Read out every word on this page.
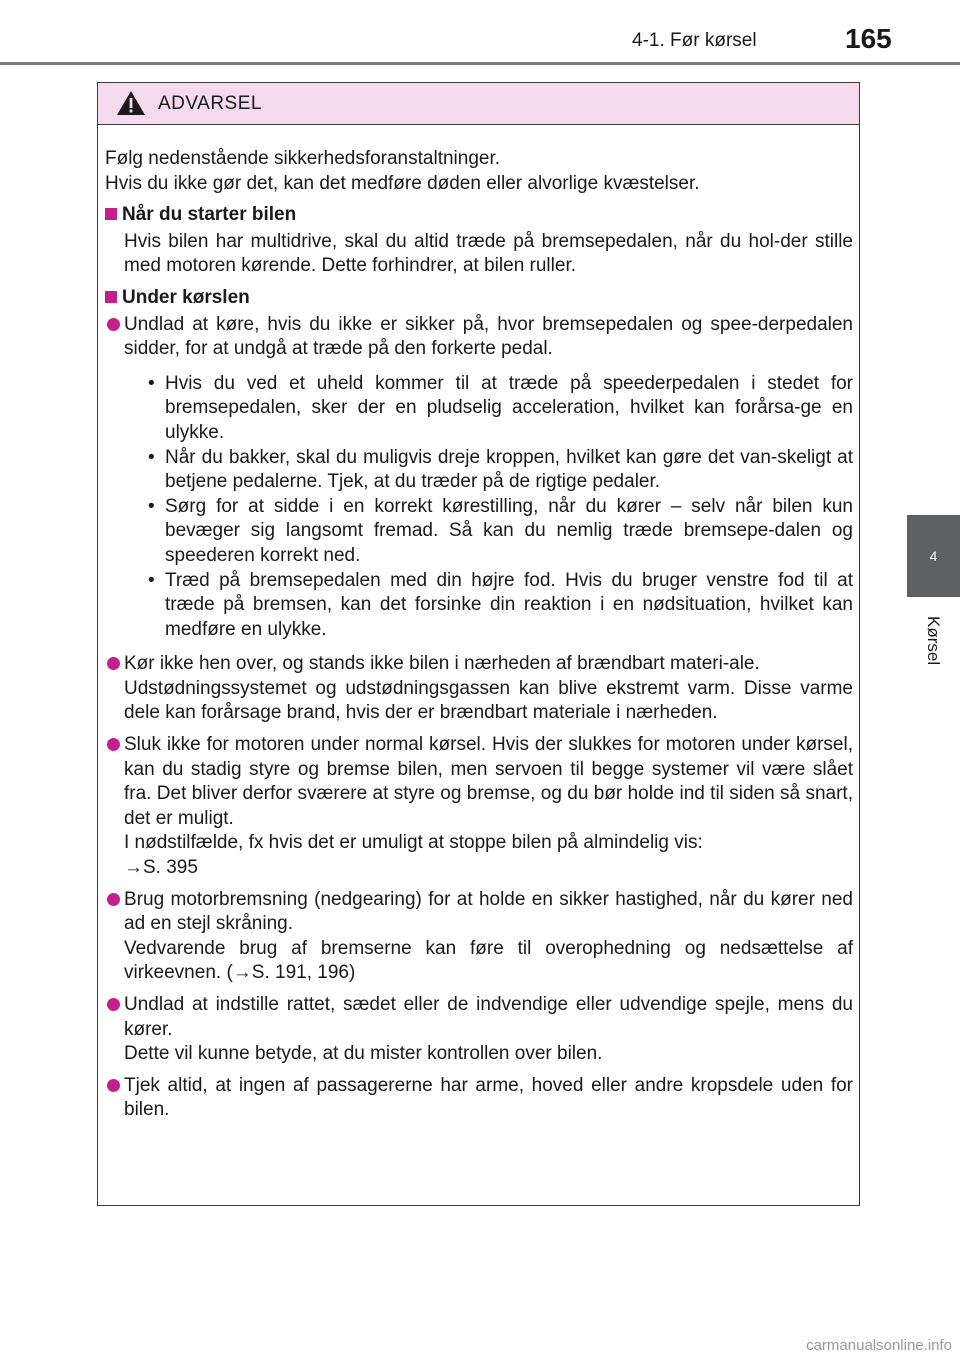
4-1. Før kørsel	165
4
Kørsel
ADVARSEL

Følg nedenstående sikkerhedsforanstaltninger.

Hvis du ikke gør det, kan det medføre døden eller alvorlige kvæstelser.

Når du starter bilen

Hvis bilen har multidrive, skal du altid træde på bremsepedalen, når du hol-der stille med motoren kørende. Dette forhindrer, at bilen ruller.

Under kørslen

Undlad at køre, hvis du ikke er sikker på, hvor bremsepedalen og spee-derpedalen sidder, for at undgå at træde på den forkerte pedal.

• Hvis du ved et uheld kommer til at træde på speederpedalen i stedet for bremsepedalen, sker der en pludselig acceleration, hvilket kan forårsa-ge en ulykke.

• Når du bakker, skal du muligvis dreje kroppen, hvilket kan gøre det van-skeligt at betjene pedalerne. Tjek, at du træder på de rigtige pedaler.

• Sørg for at sidde i en korrekt kørestilling, når du kører – selv når bilen kun bevæger sig langsomt fremad. Så kan du nemlig træde bremsepe-dalen og speederen korrekt ned.

• Træd på bremsepedalen med din højre fod. Hvis du bruger venstre fod til at træde på bremsen, kan det forsinke din reaktion i en nødsituation, hvilket kan medføre en ulykke.

Kør ikke hen over, og stands ikke bilen i nærheden af brændbart materi-ale.

Udstødningssystemet og udstødningsgassen kan blive ekstremt varm. Disse varme dele kan forårsage brand, hvis der er brændbart materiale i nærheden.

Sluk ikke for motoren under normal kørsel. Hvis der slukkes for motoren under kørsel, kan du stadig styre og bremse bilen, men servoen til begge systemer vil være slået fra. Det bliver derfor sværere at styre og bremse, og du bør holde ind til siden så snart, det er muligt.

I nødstilfælde, fx hvis det er umuligt at stoppe bilen på almindelig vis:

→S. 395

Brug motorbremsning (nedgearing) for at holde en sikker hastighed, når du kører ned ad en stejl skråning.

Vedvarende brug af bremserne kan føre til overophedning og nedsættelse af virkeevnen. (→S. 191, 196)

Undlad at indstille rattet, sædet eller de indvendige eller udvendige spejle, mens du kører.

Dette vil kunne betyde, at du mister kontrollen over bilen.

Tjek altid, at ingen af passagererne har arme, hoved eller andre kropsdele uden for bilen.

carmanualsonline.info
